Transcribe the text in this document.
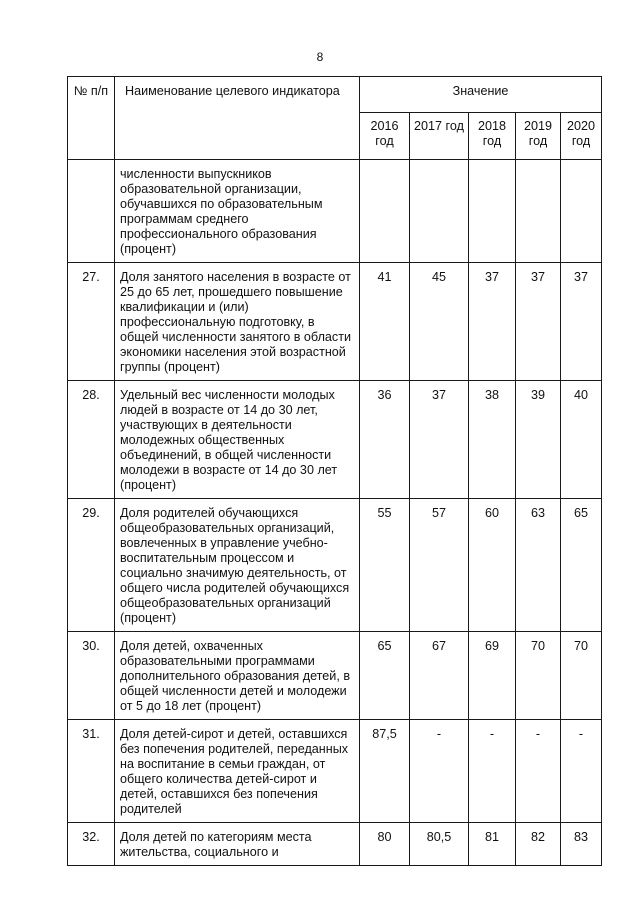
8
№ п/п	Наименование целевого индикатора	Значение				
		2016 год	2017 год	2018 год	2019 год	2020 год
	численности выпускников образовательной организации, обучавшихся по образовательным программам среднего профессионального образования (процент)					
27.	Доля занятого населения в возрасте от 25 до 65 лет, прошедшего повышение квалификации и (или) профессиональную подготовку, в общей численности занятого в области экономики населения этой возрастной группы (процент)	41	45	37	37	37
28.	Удельный вес численности молодых людей в возрасте от 14 до 30 лет, участвующих в деятельности молодежных общественных объединений, в общей численности молодежи в возрасте от 14 до 30 лет (процент)	36	37	38	39	40
29.	Доля родителей обучающихся общеобразовательных организаций, вовлеченных в управление учебно-воспитательным процессом и социально значимую деятельность, от общего числа родителей обучающихся общеобразовательных организаций (процент)	55	57	60	63	65
30.	Доля детей, охваченных образовательными программами дополнительного образования детей, в общей численности детей и молодежи от 5 до 18 лет (процент)	65	67	69	70	70
31.	Доля детей-сирот и детей, оставшихся без попечения родителей, переданных на воспитание в семьи граждан, от общего количества детей-сирот и детей, оставшихся без попечения родителей	87,5	-	-	-	-
32.	Доля детей по категориям места жительства, социального и	80	80,5	81	82	83
